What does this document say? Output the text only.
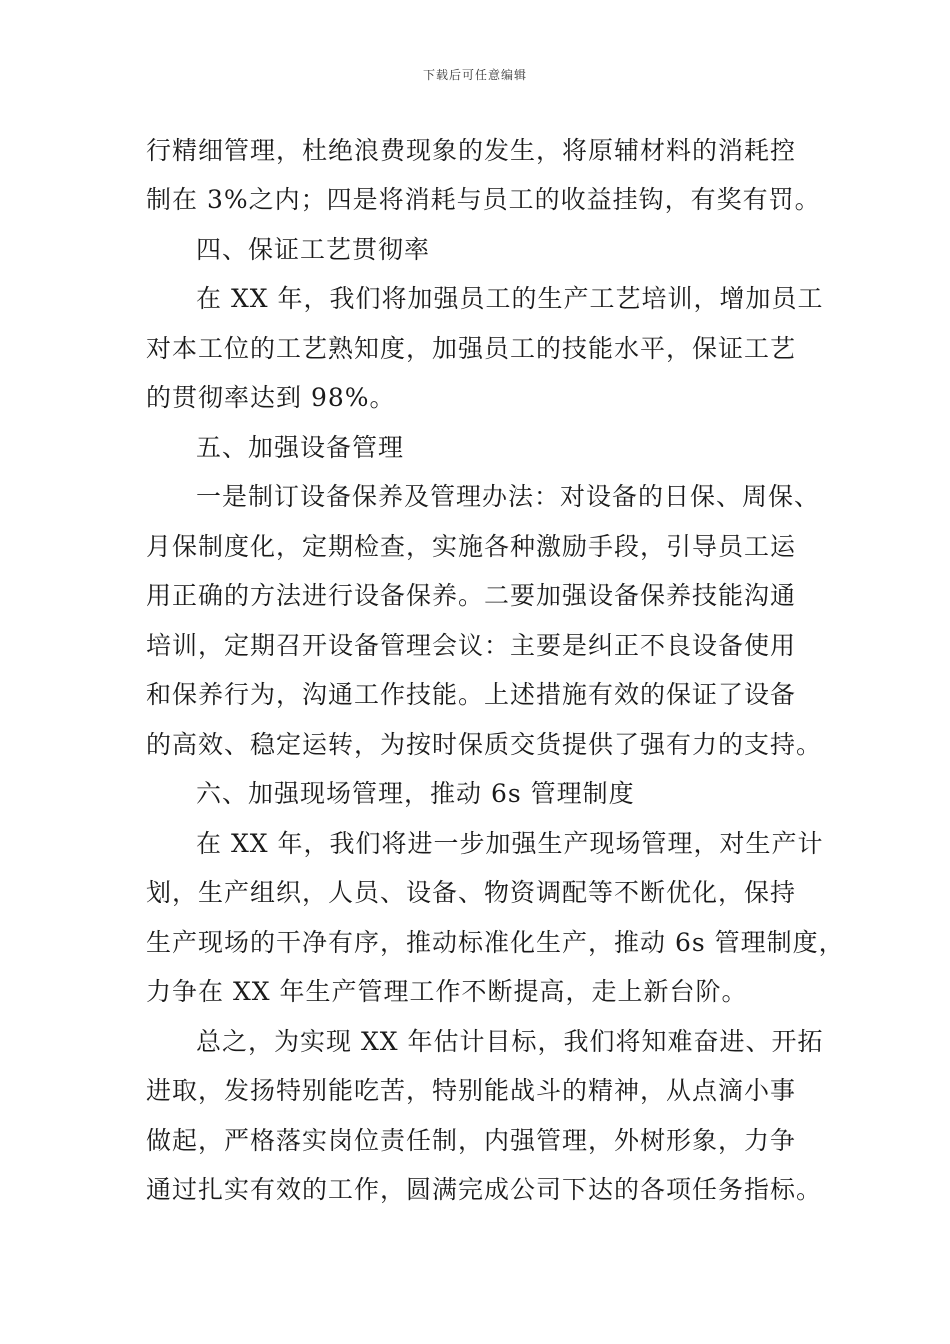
下载后可任意编辑
行精细管理，杜绝浪费现象的发生，将原辅材料的消耗控
制在 3%之内；四是将消耗与员工的收益挂钩，有奖有罚。
四、保证工艺贯彻率
在 XX 年，我们将加强员工的生产工艺培训，增加员工
对本工位的工艺熟知度，加强员工的技能水平，保证工艺
的贯彻率达到 98%。
五、加强设备管理
一是制订设备保养及管理办法：对设备的日保、周保、
月保制度化，定期检查，实施各种激励手段，引导员工运
用正确的方法进行设备保养。二要加强设备保养技能沟通
培训，定期召开设备管理会议：主要是纠正不良设备使用
和保养行为，沟通工作技能。上述措施有效的保证了设备
的高效、稳定运转，为按时保质交货提供了强有力的支持。
六、加强现场管理，推动 6s 管理制度
在 XX 年，我们将进一步加强生产现场管理，对生产计
划，生产组织，人员、设备、物资调配等不断优化，保持
生产现场的干净有序，推动标准化生产，推动 6s 管理制度，
力争在 XX 年生产管理工作不断提高，走上新台阶。
总之，为实现 XX 年估计目标，我们将知难奋进、开拓
进取，发扬特别能吃苦，特别能战斗的精神，从点滴小事
做起，严格落实岗位责任制，内强管理，外树形象，力争
通过扎实有效的工作，圆满完成公司下达的各项任务指标。
